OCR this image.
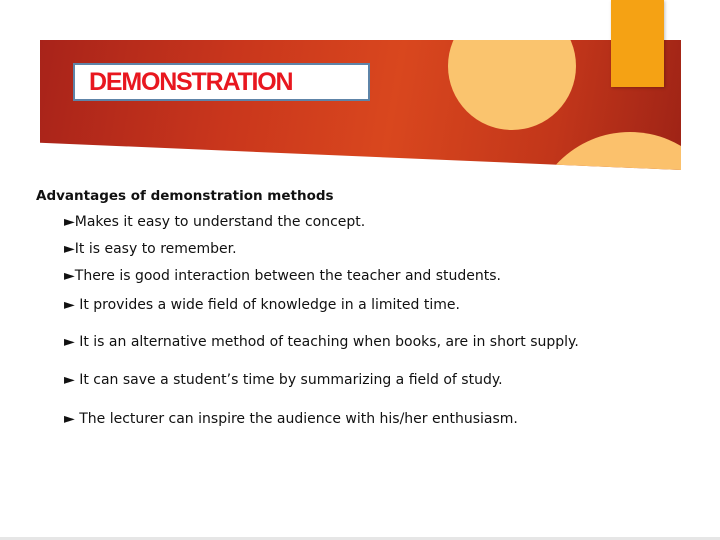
DEMONSTRATION
Advantages of demonstration methods
►Makes it easy to understand the concept.
►It is easy to remember.
►There is good interaction between the teacher and students.
► It provides a wide field of knowledge in a limited time.
► It is an alternative method of teaching when books, are in short supply.
► It can save a student’s time by summarizing a field of study.
► The lecturer can inspire the audience with his/her enthusiasm.
